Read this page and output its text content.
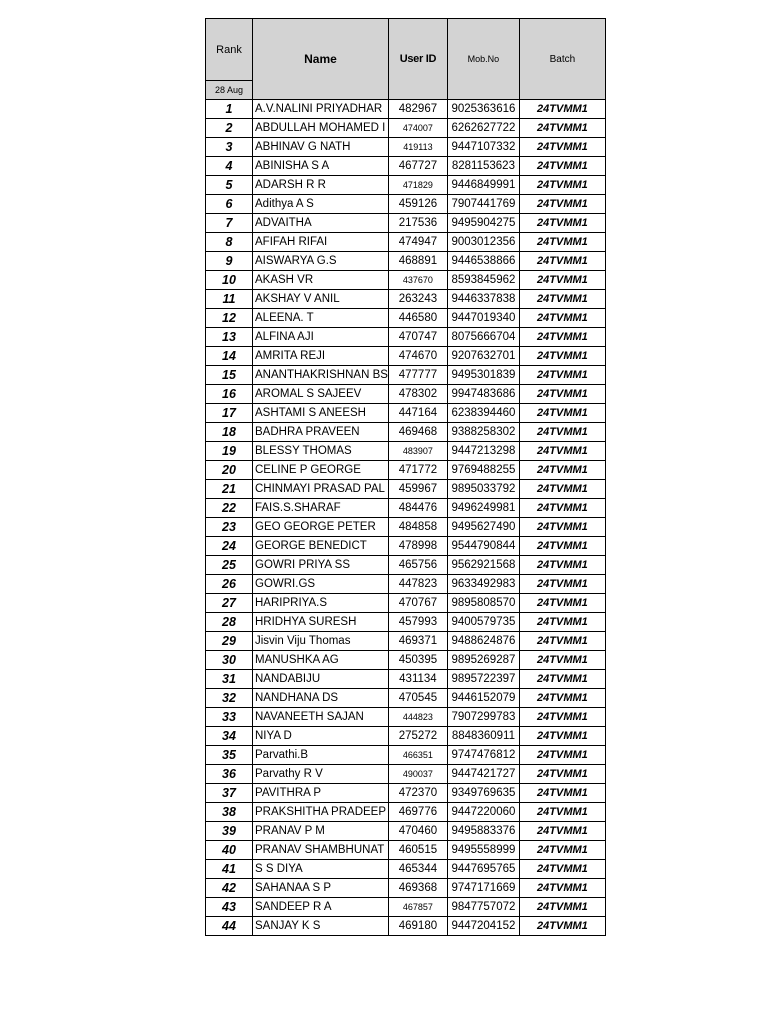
Rank	Name	User ID	Mob.No	Batch
28 Aug				
1	A.V.NALINI PRIYADHAR	482967	9025363616	24TVMM1
2	ABDULLAH MOHAMED I	474007	6262627722	24TVMM1
3	ABHINAV G NATH	419113	9447107332	24TVMM1
4	ABINISHA S A	467727	8281153623	24TVMM1
5	ADARSH R R	471829	9446849991	24TVMM1
6	Adithya A S	459126	7907441769	24TVMM1
7	ADVAITHA	217536	9495904275	24TVMM1
8	AFIFAH RIFAI	474947	9003012356	24TVMM1
9	AISWARYA G.S	468891	9446538866	24TVMM1
10	AKASH VR	437670	8593845962	24TVMM1
11	AKSHAY V ANIL	263243	9446337838	24TVMM1
12	ALEENA. T	446580	9447019340	24TVMM1
13	ALFINA AJI	470747	8075666704	24TVMM1
14	AMRITA REJI	474670	9207632701	24TVMM1
15	ANANTHAKRISHNAN BS	477777	9495301839	24TVMM1
16	AROMAL S SAJEEV	478302	9947483686	24TVMM1
17	ASHTAMI S ANEESH	447164	6238394460	24TVMM1
18	BADHRA PRAVEEN	469468	9388258302	24TVMM1
19	BLESSY THOMAS	483907	9447213298	24TVMM1
20	CELINE P GEORGE	471772	9769488255	24TVMM1
21	CHINMAYI PRASAD PAL	459967	9895033792	24TVMM1
22	FAIS.S.SHARAF	484476	9496249981	24TVMM1
23	GEO GEORGE PETER	484858	9495627490	24TVMM1
24	GEORGE BENEDICT	478998	9544790844	24TVMM1
25	GOWRI PRIYA SS	465756	9562921568	24TVMM1
26	GOWRI.GS	447823	9633492983	24TVMM1
27	HARIPRIYA.S	470767	9895808570	24TVMM1
28	HRIDHYA SURESH	457993	9400579735	24TVMM1
29	Jisvin Viju Thomas	469371	9488624876	24TVMM1
30	MANUSHKA AG	450395	9895269287	24TVMM1
31	NANDABIJU	431134	9895722397	24TVMM1
32	NANDHANA DS	470545	9446152079	24TVMM1
33	NAVANEETH SAJAN	444823	7907299783	24TVMM1
34	NIYA D	275272	8848360911	24TVMM1
35	Parvathi.B	466351	9747476812	24TVMM1
36	Parvathy R V	490037	9447421727	24TVMM1
37	PAVITHRA P	472370	9349769635	24TVMM1
38	PRAKSHITHA PRADEEP	469776	9447220060	24TVMM1
39	PRANAV P M	470460	9495883376	24TVMM1
40	PRANAV SHAMBHUNAT	460515	9495558999	24TVMM1
41	S S DIYA	465344	9447695765	24TVMM1
42	SAHANAA S P	469368	9747171669	24TVMM1
43	SANDEEP R A	467857	9847757072	24TVMM1
44	SANJAY K S	469180	9447204152	24TVMM1
